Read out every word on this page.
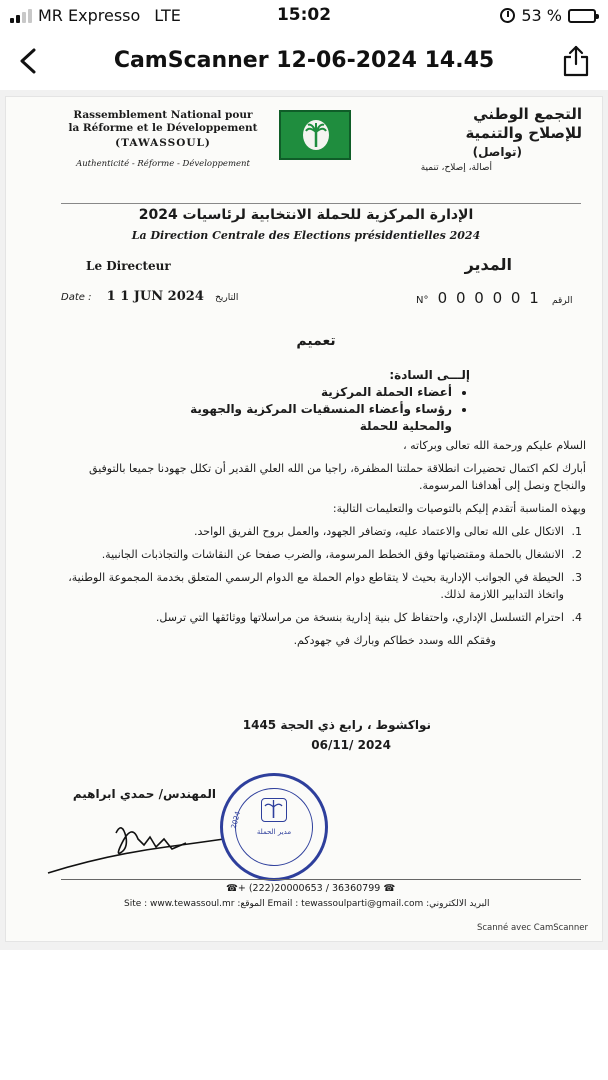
MR Expresso LTE	15:02	53 %
CamScanner 12-06-2024 14.45
Rassemblement National pour
la Réforme et le Développement
(TAWASSOUL)
Authenticité - Réforme - Développement
التجمع الوطني
للإصلاح والتنمية
(تواصل)
أصالة، إصلاح، تنمية
الإدارة المركزية للحملة الانتخابية لرئاسيات 2024
La Direction Centrale des Elections présidentielles 2024
Le Directeur	المدير
Date : 1 1 JUN 2024 التاريخ	N° 0 0 0 0 0 1 الرقم
تعميم
إلـــى السادة:
• أعضاء الحملة المركزية
• رؤساء وأعضاء المنسقيات المركزية والجهوية والمحلية للحملة

السلام عليكم ورحمة الله تعالى وبركاته ،

أبارك لكم اكتمال تحضيرات انطلاقة حملتنا المظفرة، راجيا من الله العلي القدير أن تكلل جهودنا جميعا بالتوفيق والنجاح ونصل إلى أهدافنا المرسومة.

وبهذه المناسبة أتقدم إليكم بالتوصيات والتعليمات التالية:

1. الاتكال على الله تعالى والاعتماد عليه، وتضافر الجهود، والعمل بروح الفريق الواحد.
2. الانشغال بالحملة ومقتضياتها وفق الخطط المرسومة، والضرب صفحا عن النقاشات والتجاذبات الجانبية.
3. الحيطة في الجوانب الإدارية بحيث لا يتقاطع دوام الحملة مع الدوام الرسمي المتعلق بخدمة المجموعة الوطنية، واتخاذ التدابير اللازمة لذلك.
4. احترام التسلسل الإداري، واحتفاظ كل بنية إدارية بنسخة من مراسلاتها ووثائقها التي ترسل.

وفقكم الله وسدد خطاكم وبارك في جهودكم.

نواكشوط ، رابع ذي الحجة 1445
2024 /06/11
المهندس/ حمدي ابراهيم
مدير الحملة
2024
☎+ (222)20000653 / 36360799 ☎
Site : www.tewassoul.mr :الموقع Email : tewassoulparti@gmail.com :البريد الالكتروني
Scanné avec CamScanner
